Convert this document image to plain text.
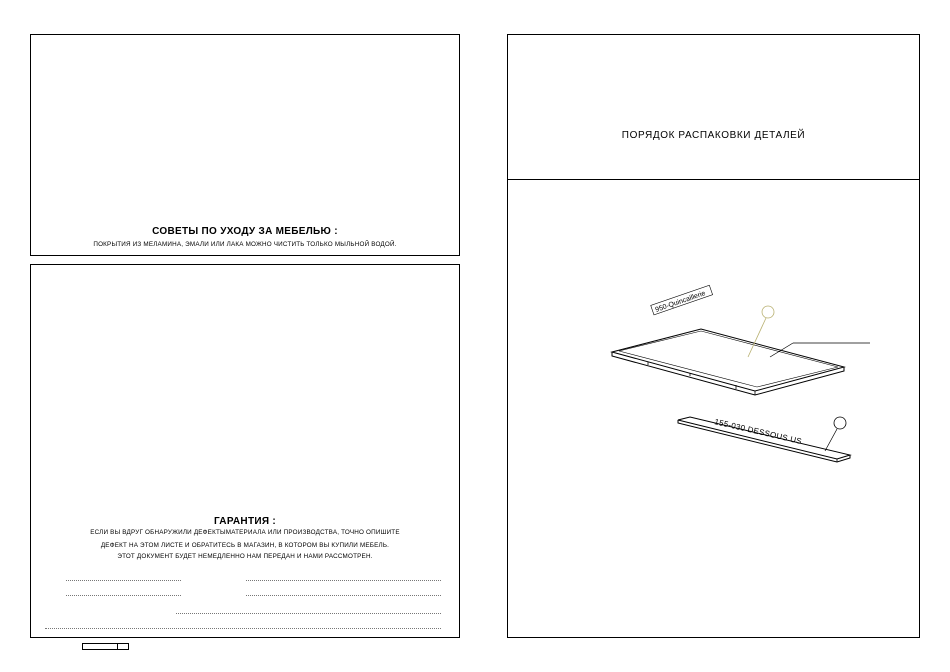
СОВЕТЫ ПО УХОДУ ЗА МЕБЕЛЬЮ :
ПОКРЫТИЯ ИЗ МЕЛАМИНА, ЭМАЛИ ИЛИ ЛАКА МОЖНО ЧИСТИТЬ ТОЛЬКО МЫЛЬНОЙ ВОДОЙ.
ГАРАНТИЯ :
ЕСЛИ ВЫ ВДРУГ ОБНАРУЖИЛИ ДЕФЕКТЫМАТЕРИАЛА ИЛИ ПРОИЗВОДСТВА, ТОЧНО ОПИШИТЕ
ДЕФЕКТ НА ЭТОМ ЛИСТЕ И ОБРАТИТЕСЬ В МАГАЗИН, В КОТОРОМ ВЫ КУПИЛИ МЕБЕЛЬ.
ЭТОТ ДОКУМЕНТ БУДЕТ НЕМЕДЛЕННО НАМ ПЕРЕДАН И НАМИ РАССМОТРЕН.
ПОРЯДОК РАСПАКОВКИ ДЕТАЛЕЙ
950-Quincaillerie
155-030 DESSOUS US
